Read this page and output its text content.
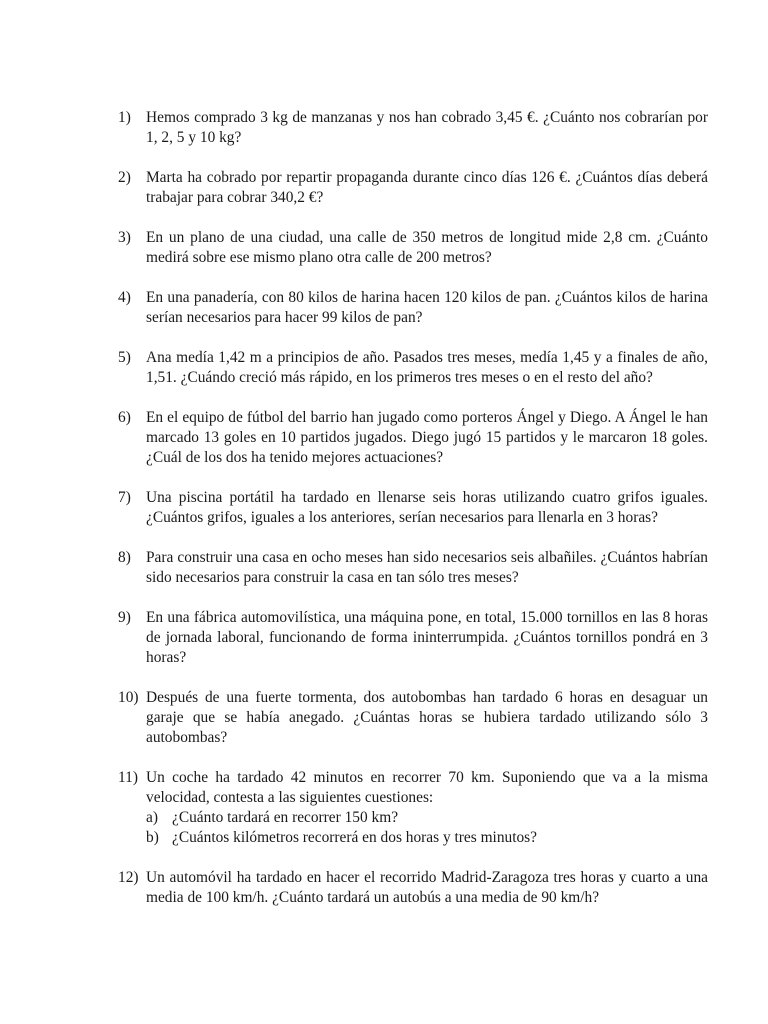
1) Hemos comprado 3 kg de manzanas y nos han cobrado 3,45 €. ¿Cuánto nos cobrarían por 1, 2, 5 y 10 kg?
2) Marta ha cobrado por repartir propaganda durante cinco días 126 €. ¿Cuántos días deberá trabajar para cobrar 340,2 €?
3) En un plano de una ciudad, una calle de 350 metros de longitud mide 2,8 cm. ¿Cuánto medirá sobre ese mismo plano otra calle de 200 metros?
4) En una panadería, con 80 kilos de harina hacen 120 kilos de pan. ¿Cuántos kilos de harina serían necesarios para hacer 99 kilos de pan?
5) Ana medía 1,42 m a principios de año. Pasados tres meses, medía 1,45 y a finales de año, 1,51. ¿Cuándo creció más rápido, en los primeros tres meses o en el resto del año?
6) En el equipo de fútbol del barrio han jugado como porteros Ángel y Diego. A Ángel le han marcado 13 goles en 10 partidos jugados. Diego jugó 15 partidos y le marcaron 18 goles. ¿Cuál de los dos ha tenido mejores actuaciones?
7) Una piscina portátil ha tardado en llenarse seis horas utilizando cuatro grifos iguales. ¿Cuántos grifos, iguales a los anteriores, serían necesarios para llenarla en 3 horas?
8) Para construir una casa en ocho meses han sido necesarios seis albañiles. ¿Cuántos habrían sido necesarios para construir la casa en tan sólo tres meses?
9) En una fábrica automovilística, una máquina pone, en total, 15.000 tornillos en las 8 horas de jornada laboral, funcionando de forma ininterrumpida. ¿Cuántos tornillos pondrá en 3 horas?
10) Después de una fuerte tormenta, dos autobombas han tardado 6 horas en desaguar un garaje que se había anegado. ¿Cuántas horas se hubiera tardado utilizando sólo 3 autobombas?
11) Un coche ha tardado 42 minutos en recorrer 70 km. Suponiendo que va a la misma velocidad, contesta a las siguientes cuestiones:
a) ¿Cuánto tardará en recorrer 150 km?
b) ¿Cuántos kilómetros recorrerá en dos horas y tres minutos?
12) Un automóvil ha tardado en hacer el recorrido Madrid-Zaragoza tres horas y cuarto a una media de 100 km/h. ¿Cuánto tardará un autobús a una media de 90 km/h?
